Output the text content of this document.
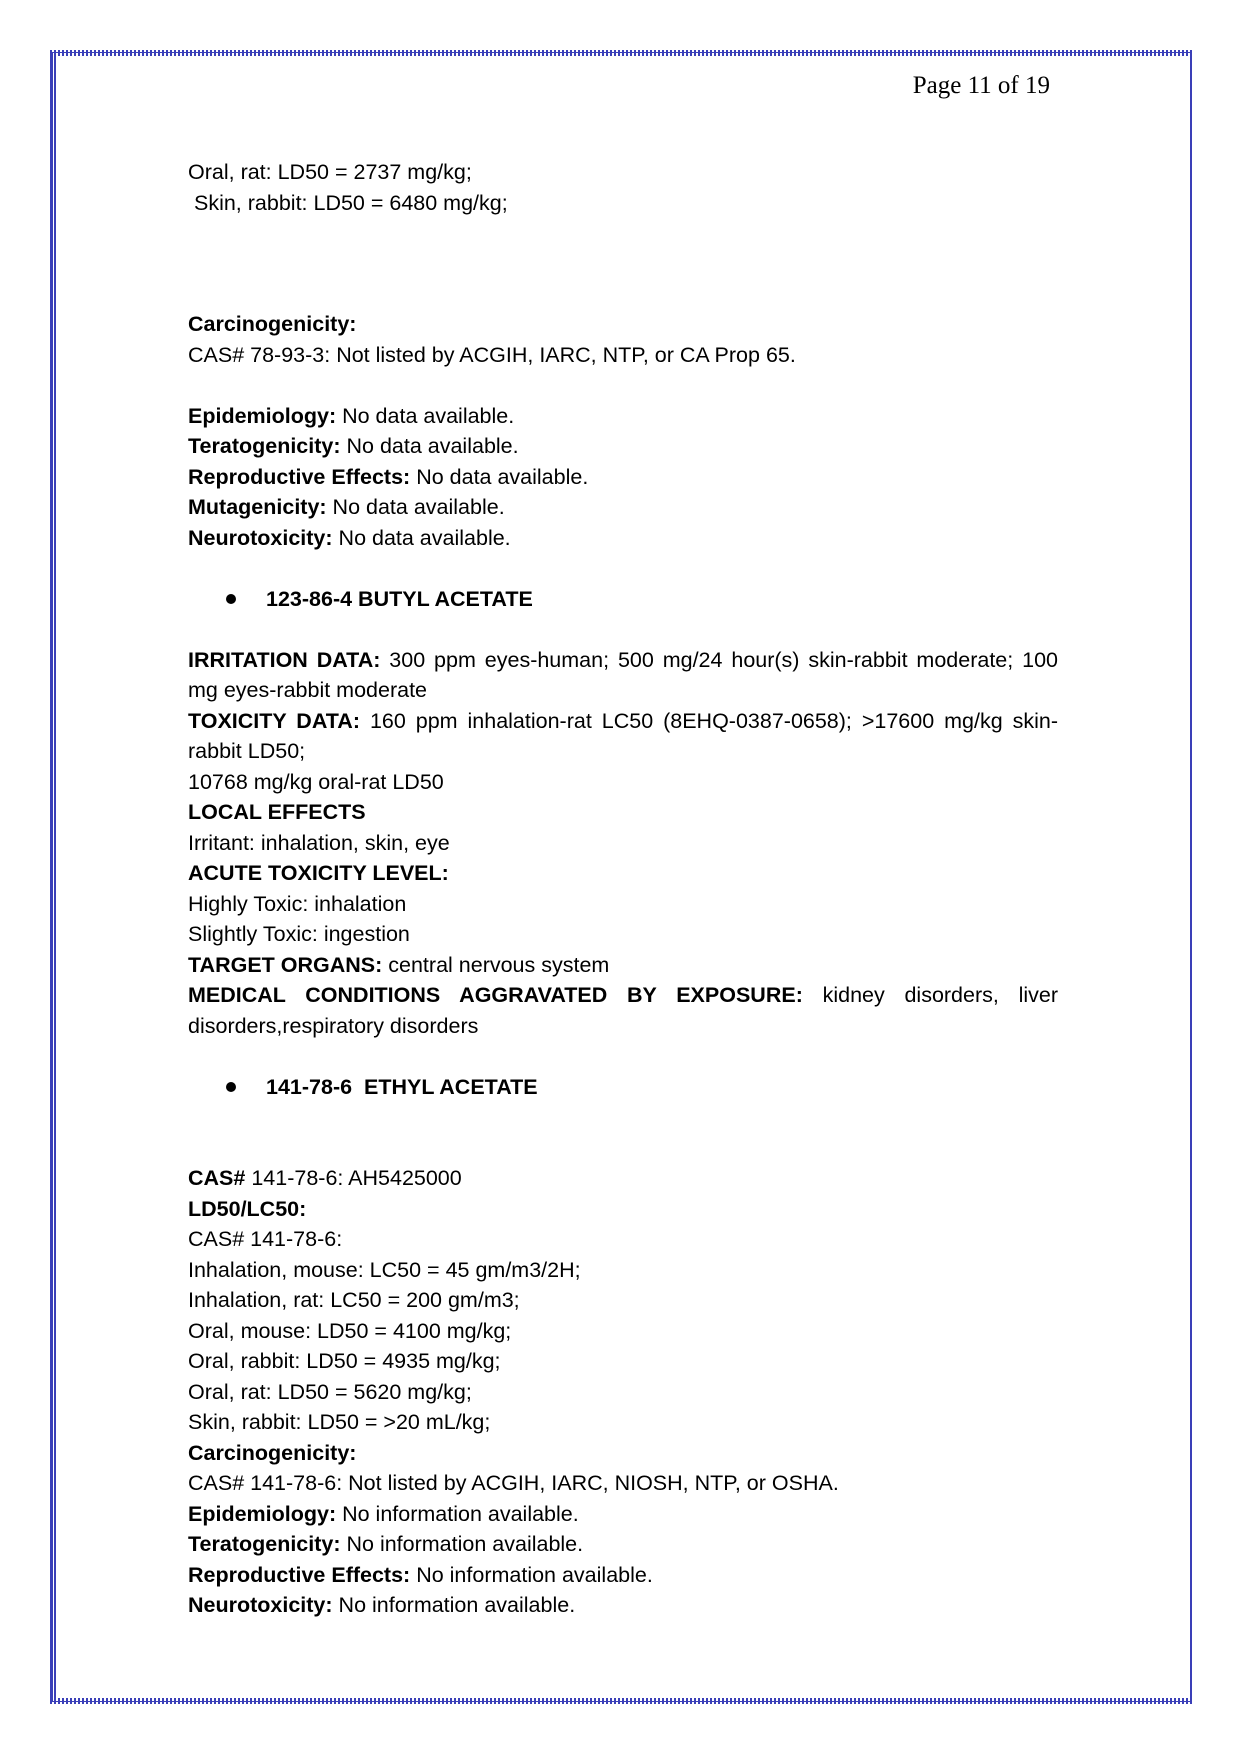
Page 11 of 19
Oral, rat: LD50 = 2737 mg/kg;
Skin, rabbit: LD50 = 6480 mg/kg;
Carcinogenicity:
CAS# 78-93-3: Not listed by ACGIH, IARC, NTP, or CA Prop 65.
Epidemiology: No data available.
Teratogenicity: No data available.
Reproductive Effects: No data available.
Mutagenicity: No data available.
Neurotoxicity: No data available.
123-86-4 BUTYL ACETATE
IRRITATION DATA: 300 ppm eyes-human; 500 mg/24 hour(s) skin-rabbit moderate; 100 mg eyes-rabbit moderate
TOXICITY DATA: 160 ppm inhalation-rat LC50 (8EHQ-0387-0658); >17600 mg/kg skin-rabbit LD50;
10768 mg/kg oral-rat LD50
LOCAL EFFECTS
Irritant: inhalation, skin, eye
ACUTE TOXICITY LEVEL:
Highly Toxic: inhalation
Slightly Toxic: ingestion
TARGET ORGANS: central nervous system
MEDICAL CONDITIONS AGGRAVATED BY EXPOSURE: kidney disorders, liver disorders,respiratory disorders
141-78-6  ETHYL ACETATE
CAS# 141-78-6: AH5425000
LD50/LC50:
CAS# 141-78-6:
Inhalation, mouse: LC50 = 45 gm/m3/2H;
Inhalation, rat: LC50 = 200 gm/m3;
Oral, mouse: LD50 = 4100 mg/kg;
Oral, rabbit: LD50 = 4935 mg/kg;
Oral, rat: LD50 = 5620 mg/kg;
Skin, rabbit: LD50 = >20 mL/kg;
Carcinogenicity:
CAS# 141-78-6: Not listed by ACGIH, IARC, NIOSH, NTP, or OSHA.
Epidemiology: No information available.
Teratogenicity: No information available.
Reproductive Effects: No information available.
Neurotoxicity: No information available.
